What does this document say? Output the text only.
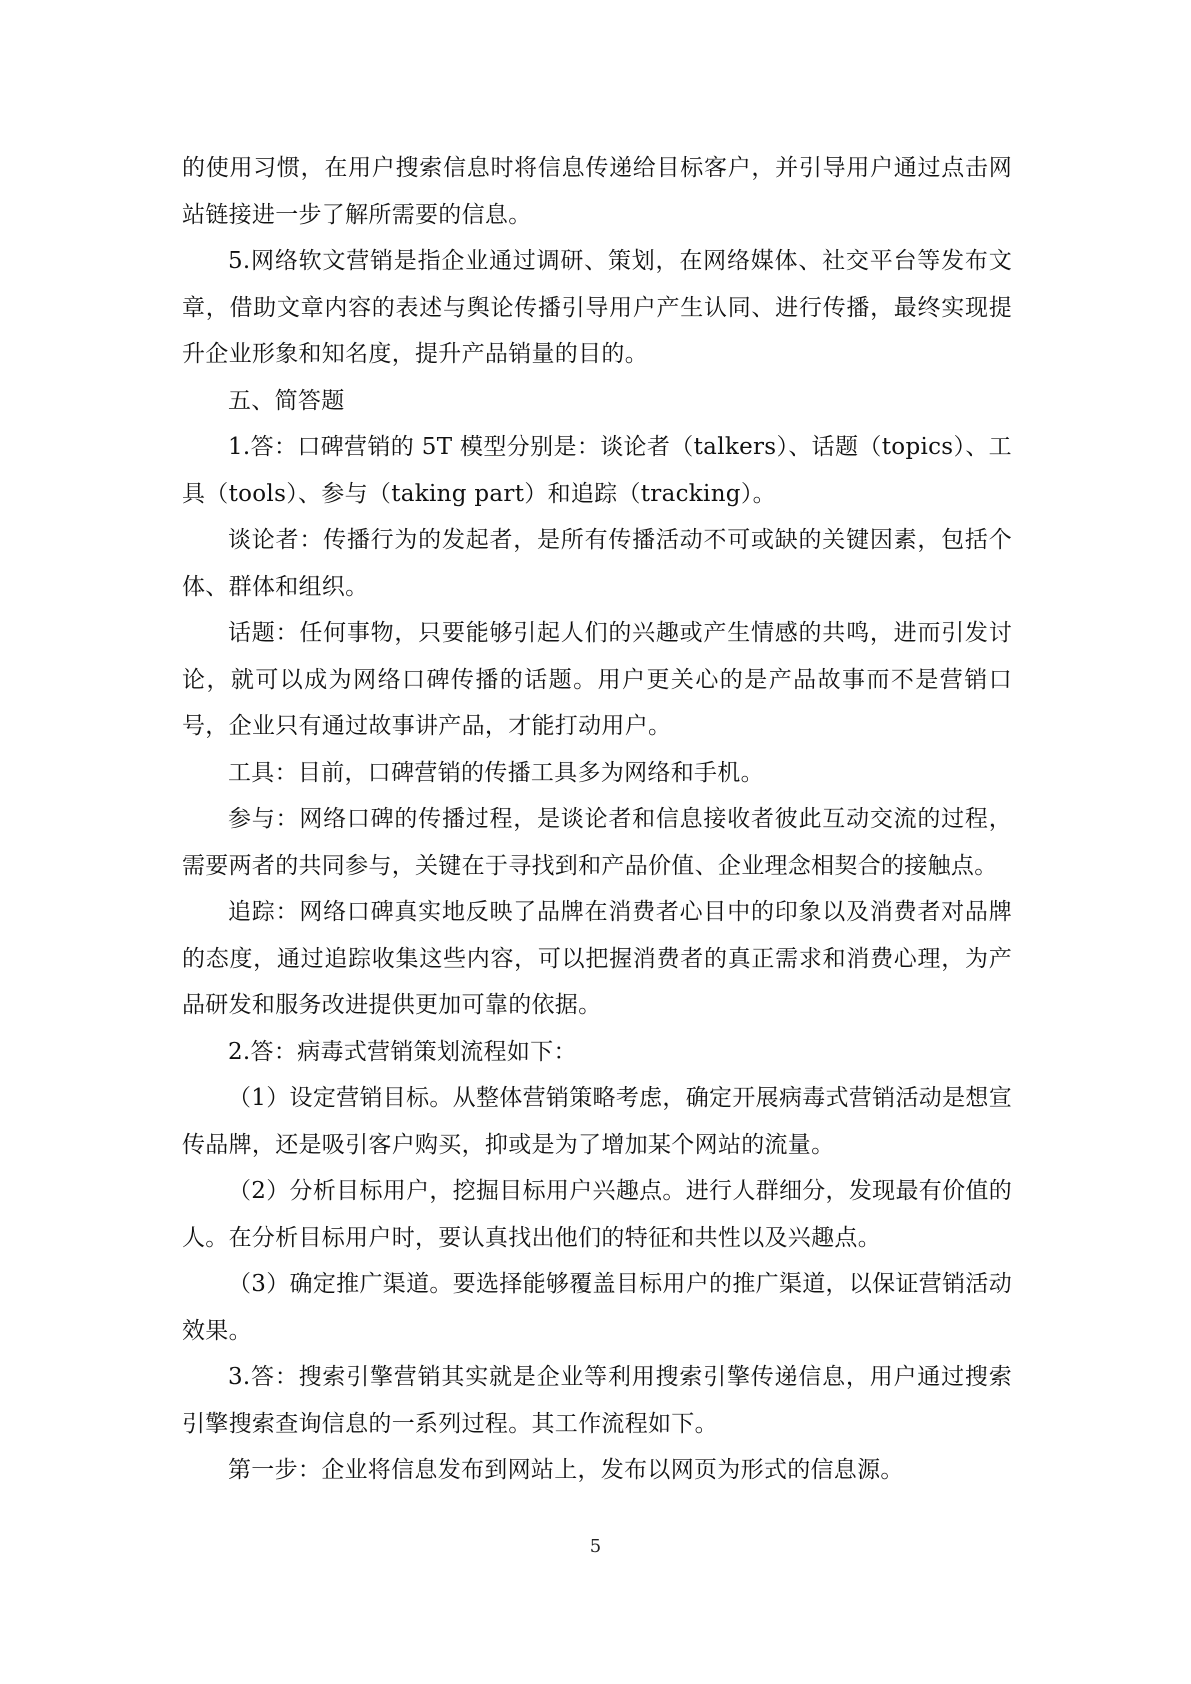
的使用习惯，在用户搜索信息时将信息传递给目标客户，并引导用户通过点击网站链接进一步了解所需要的信息。

5.网络软文营销是指企业通过调研、策划，在网络媒体、社交平台等发布文章，借助文章内容的表述与舆论传播引导用户产生认同、进行传播，最终实现提升企业形象和知名度，提升产品销量的目的。

五、简答题

1.答：口碑营销的 5T 模型分别是：谈论者（talkers）、话题（topics）、工具（tools）、参与（taking part）和追踪（tracking）。

谈论者：传播行为的发起者，是所有传播活动不可或缺的关键因素，包括个体、群体和组织。

话题：任何事物，只要能够引起人们的兴趣或产生情感的共鸣，进而引发讨论，就可以成为网络口碑传播的话题。用户更关心的是产品故事而不是营销口号，企业只有通过故事讲产品，才能打动用户。

工具：目前，口碑营销的传播工具多为网络和手机。

参与：网络口碑的传播过程，是谈论者和信息接收者彼此互动交流的过程，需要两者的共同参与，关键在于寻找到和产品价值、企业理念相契合的接触点。

追踪：网络口碑真实地反映了品牌在消费者心目中的印象以及消费者对品牌的态度，通过追踪收集这些内容，可以把握消费者的真正需求和消费心理，为产品研发和服务改进提供更加可靠的依据。

2.答：病毒式营销策划流程如下：

（1）设定营销目标。从整体营销策略考虑，确定开展病毒式营销活动是想宣传品牌，还是吸引客户购买，抑或是为了增加某个网站的流量。

（2）分析目标用户，挖掘目标用户兴趣点。进行人群细分，发现最有价值的人。在分析目标用户时，要认真找出他们的特征和共性以及兴趣点。

（3）确定推广渠道。要选择能够覆盖目标用户的推广渠道，以保证营销活动效果。

3.答：搜索引擎营销其实就是企业等利用搜索引擎传递信息，用户通过搜索引擎搜索查询信息的一系列过程。其工作流程如下。

第一步：企业将信息发布到网站上，发布以网页为形式的信息源。

5
